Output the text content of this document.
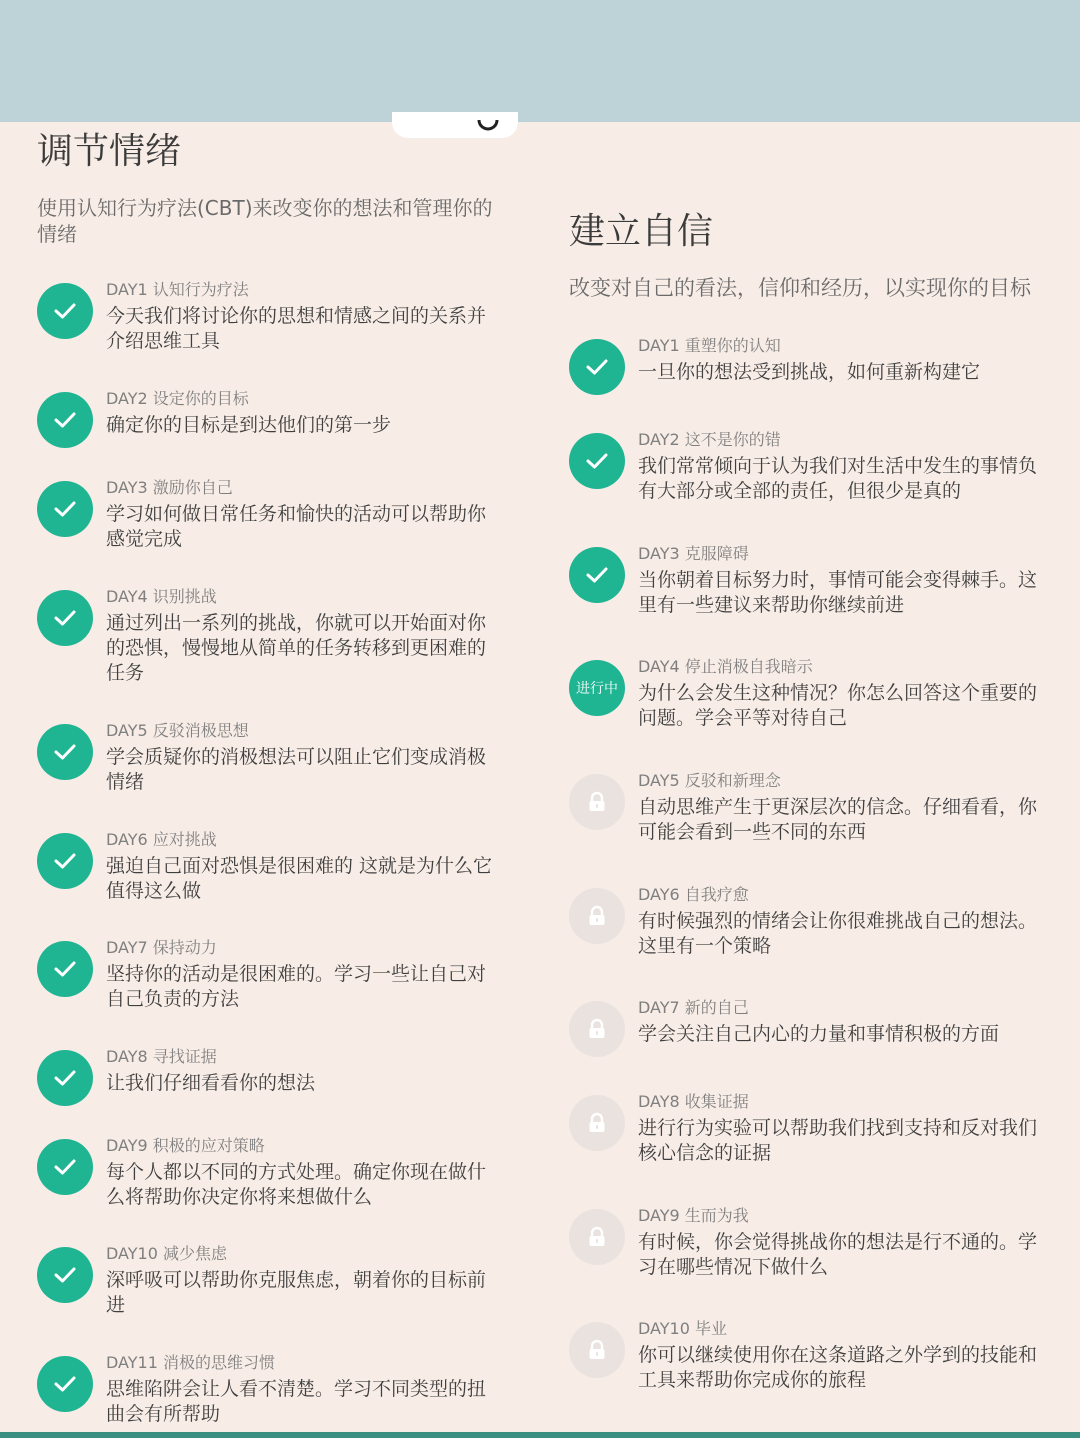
调节情绪
使用认知行为疗法(CBT)来改变你的想法和管理你的情绪
DAY1 认知行为疗法
今天我们将讨论你的思想和情感之间的关系并介绍思维工具
DAY2 设定你的目标
确定你的目标是到达他们的第一步
DAY3 激励你自己
学习如何做日常任务和愉快的活动可以帮助你感觉完成
DAY4 识别挑战
通过列出一系列的挑战，你就可以开始面对你的恐惧，慢慢地从简单的任务转移到更困难的任务
DAY5 反驳消极思想
学会质疑你的消极想法可以阻止它们变成消极情绪
DAY6 应对挑战
强迫自己面对恐惧是很困难的 这就是为什么它值得这么做
DAY7 保持动力
坚持你的活动是很困难的。学习一些让自己对自己负责的方法
DAY8 寻找证据
让我们仔细看看你的想法
DAY9 积极的应对策略
每个人都以不同的方式处理。确定你现在做什么将帮助你决定你将来想做什么
DAY10 减少焦虑
深呼吸可以帮助你克服焦虑，朝着你的目标前进
DAY11 消极的思维习惯
思维陷阱会让人看不清楚。学习不同类型的扭曲会有所帮助
建立自信
改变对自己的看法，信仰和经历，以实现你的目标
DAY1 重塑你的认知
一旦你的想法受到挑战，如何重新构建它
DAY2 这不是你的错
我们常常倾向于认为我们对生活中发生的事情负有大部分或全部的责任，但很少是真的
DAY3 克服障碍
当你朝着目标努力时，事情可能会变得棘手。这里有一些建议来帮助你继续前进
进行中
DAY4 停止消极自我暗示
为什么会发生这种情况？你怎么回答这个重要的问题。学会平等对待自己
DAY5 反驳和新理念
自动思维产生于更深层次的信念。仔细看看，你可能会看到一些不同的东西
DAY6 自我疗愈
有时候强烈的情绪会让你很难挑战自己的想法。这里有一个策略
DAY7 新的自己
学会关注自己内心的力量和事情积极的方面
DAY8 收集证据
进行行为实验可以帮助我们找到支持和反对我们核心信念的证据
DAY9 生而为我
有时候，你会觉得挑战你的想法是行不通的。学习在哪些情况下做什么
DAY10 毕业
你可以继续使用你在这条道路之外学到的技能和工具来帮助你完成你的旅程
